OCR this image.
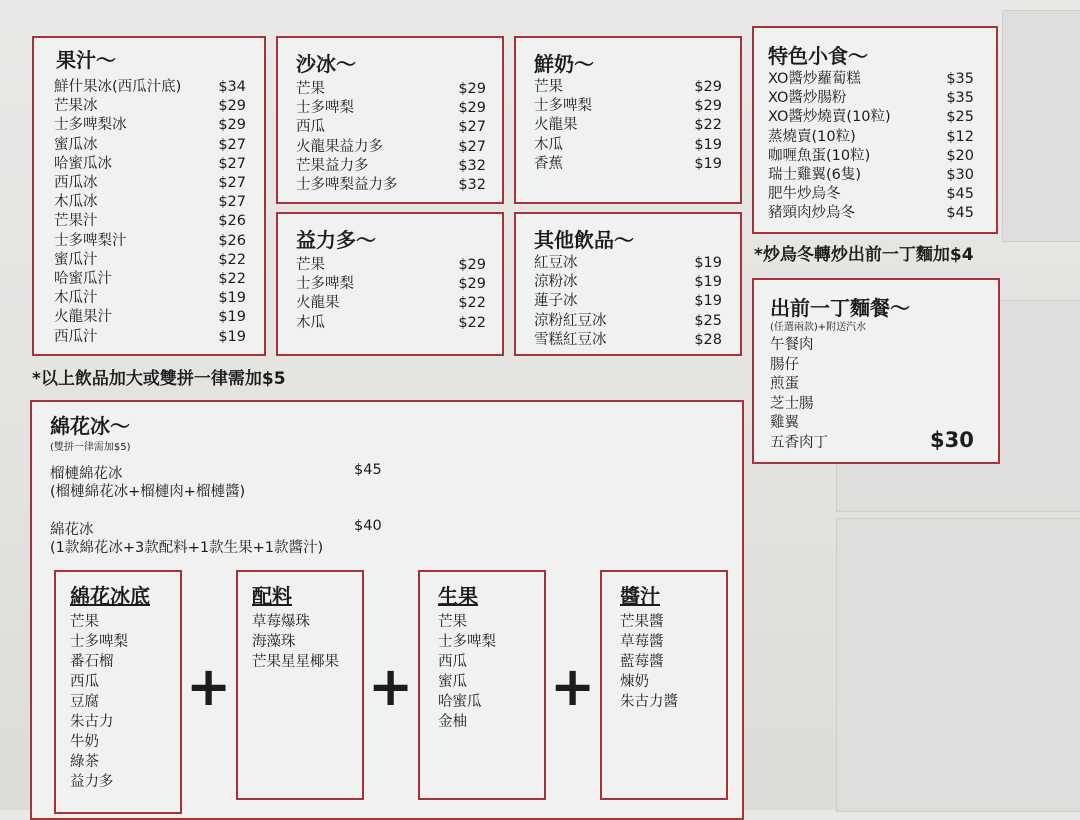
果汁～
鮮什果冰(西瓜汁底)	$34
芒果冰	$29
士多啤梨冰	$29
蜜瓜冰	$27
哈蜜瓜冰	$27
西瓜冰	$27
木瓜冰	$27
芒果汁	$26
士多啤梨汁	$26
蜜瓜汁	$22
哈蜜瓜汁	$22
木瓜汁	$19
火龍果汁	$19
西瓜汁	$19
沙冰～
芒果	$29
士多啤梨	$29
西瓜	$27
火龍果益力多	$27
芒果益力多	$32
士多啤梨益力多	$32
益力多～
芒果	$29
士多啤梨	$29
火龍果	$22
木瓜	$22
鮮奶～
芒果	$29
士多啤梨	$29
火龍果	$22
木瓜	$19
香蕉	$19
其他飲品～
紅豆冰	$19
涼粉冰	$19
蓮子冰	$19
涼粉紅豆冰	$25
雪糕紅豆冰	$28
特色小食～
XO醬炒蘿蔔糕	$35
XO醬炒腸粉	$35
XO醬炒燒賣(10粒)	$25
蒸燒賣(10粒)	$12
咖喱魚蛋(10粒)	$20
瑞士雞翼(6隻)	$30
肥牛炒烏冬	$45
豬頸肉炒烏冬	$45
*炒烏冬轉炒出前一丁麵加$4
出前一丁麵餐～
(任選兩款)+附送汽水
午餐肉
腸仔
煎蛋
芝士腸
雞翼
五香肉丁	$30
*以上飲品加大或雙拼一律需加$5
綿花冰～
(雙拼一律需加$5)
榴槤綿花冰	$45
(榴槤綿花冰+榴槤肉+榴槤醬)
綿花冰	$40
(1款綿花冰+3款配料+1款生果+1款醬汁)
綿花冰底
芒果
士多啤梨
番石榴
西瓜
豆腐
朱古力
牛奶
綠茶
益力多
+
配料
草莓爆珠
海藻珠
芒果星星椰果 +
生果
芒果
士多啤梨
西瓜
蜜瓜
哈蜜瓜
金柚
+
醬汁
芒果醬
草莓醬
藍莓醬
煉奶
朱古力醬
